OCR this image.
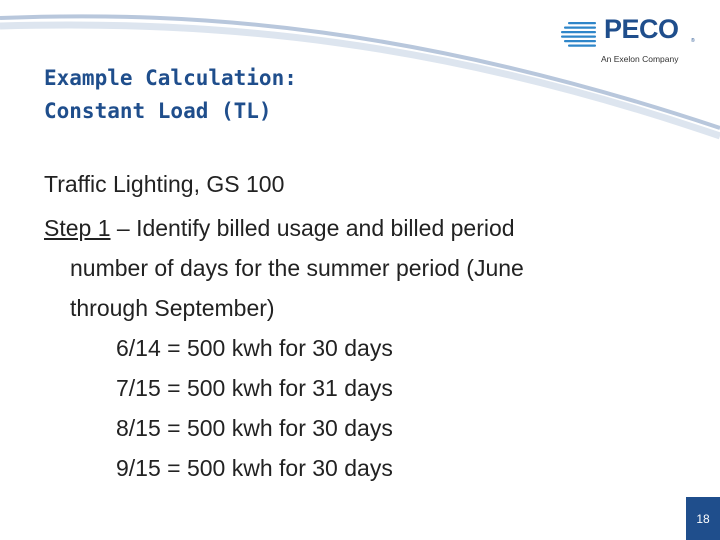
PECO ®
An Exelon Company
Example Calculation:
Constant Load (TL)

Traffic Lighting, GS 100

Step 1 – Identify billed usage and billed period
number of days for the summer period (June
through September)

6/14 = 500 kwh for 30 days

7/15 = 500 kwh for 31 days

8/15 = 500 kwh for 30 days

9/15 = 500 kwh for 30 days

18
